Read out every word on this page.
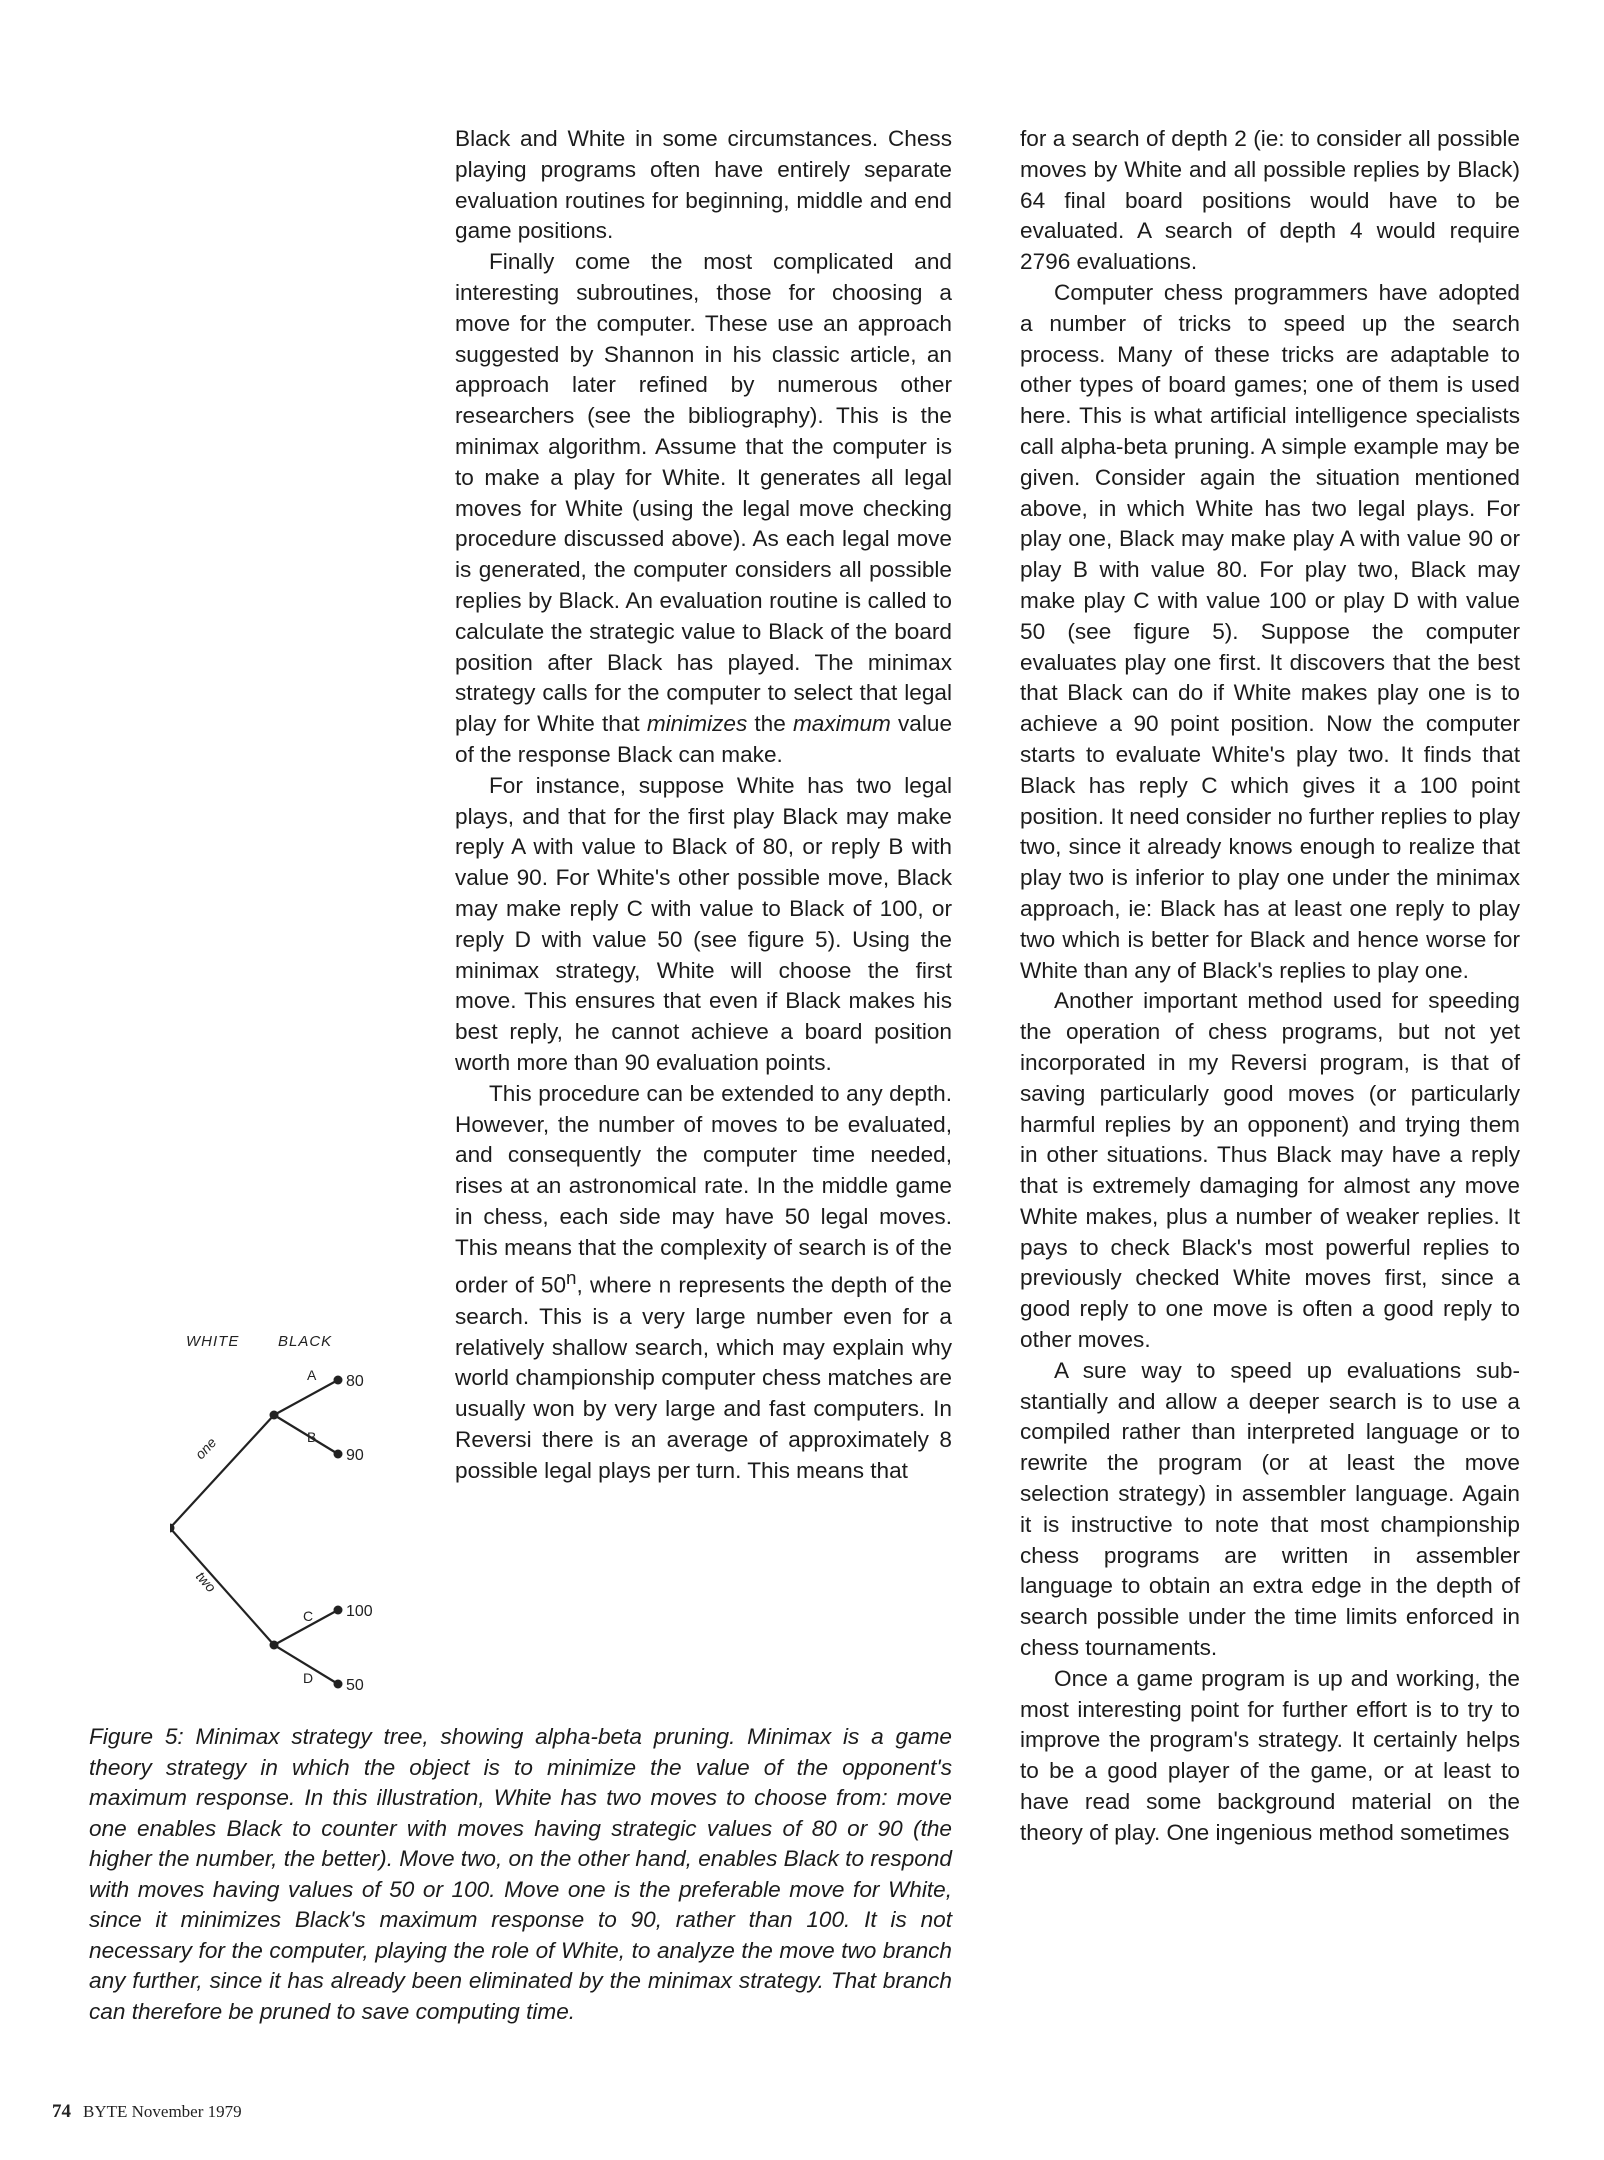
Black and White in some circumstances. Chess playing programs often have entirely separate evaluation routines for beginning, middle and end game positions.

Finally come the most complicated and interesting subroutines, those for choosing a move for the computer. These use an approach suggested by Shannon in his classic article, an approach later refined by numerous other researchers (see the bibliography). This is the minimax algorithm. Assume that the computer is to make a play for White. It generates all legal moves for White (using the legal move checking procedure discussed above). As each legal move is generated, the computer considers all possible replies by Black. An evaluation routine is called to calculate the strategic value to Black of the board position after Black has played. The minimax strategy calls for the computer to select that legal play for White that minimizes the maximum value of the response Black can make.

For instance, suppose White has two legal plays, and that for the first play Black may make reply A with value to Black of 80, or reply B with value 90. For White's other possible move, Black may make reply C with value to Black of 100, or reply D with value 50 (see figure 5). Using the minimax strategy, White will choose the first move. This ensures that even if Black makes his best reply, he cannot achieve a board position worth more than 90 evaluation points.

This procedure can be extended to any depth. However, the number of moves to be evaluated, and consequently the computer time needed, rises at an astronomical rate. In the middle game in chess, each side may have 50 legal moves. This means that the complexity of search is of the order of 50$^n$, where n represents the depth of the search. This is a very large number even for a relatively shallow search, which may explain why world championship computer chess matches are usually won by very large and fast computers. In Reversi there is an average of approximately 8 possible legal plays per turn. This means that

for a search of depth 2 (ie: to consider all possible moves by White and all possible replies by Black) 64 final board positions would have to be evaluated. A search of depth 4 would require 2796 evaluations.

Computer chess programmers have adopted a number of tricks to speed up the search process. Many of these tricks are adaptable to other types of board games; one of them is used here. This is what artificial intelligence specialists call alpha-beta pruning. A simple example may be given. Consider again the situation mentioned above, in which White has two legal plays. For play one, Black may make play A with value 90 or play B with value 80. For play two, Black may make play C with value 100 or play D with value 50 (see figure 5). Suppose the computer evaluates play one first. It discovers that the best that Black can do if White makes play one is to achieve a 90 point position. Now the computer starts to evaluate White's play two. It finds that Black has reply C which gives it a 100 point position. It need consider no further replies to play two, since it already knows enough to realize that play two is inferior to play one under the minimax approach, ie: Black has at least one reply to play two which is better for Black and hence worse for White than any of Black's replies to play one.

Another important method used for speeding the operation of chess programs, but not yet incorporated in my Reversi program, is that of saving particularly good moves (or particularly harmful replies by an opponent) and trying them in other situations. Thus Black may have a reply that is extremely damaging for almost any move White makes, plus a number of weaker replies. It pays to check Black's most powerful replies to previously checked White moves first, since a good reply to one move is often a good reply to other moves.

A sure way to speed up evaluations substantially and allow a deeper search is to use a compiled rather than interpreted language or to rewrite the program (or at least the move selection strategy) in assembler language. Again it is instructive to note that most championship chess programs are written in assembler language to obtain an extra edge in the depth of search possible under the time limits enforced in chess tournaments.

Once a game program is up and working, the most interesting point for further effort is to try to improve the program's strategy. It certainly helps to be a good player of the game, or at least to have read some background material on the theory of play. One ingenious method sometimes

WHITE	BLACK
one
two
A
B
C
D
80
90
100
50

Figure 5: Minimax strategy tree, showing alpha-beta pruning. Minimax is a game theory strategy in which the object is to minimize the value of the opponent's maximum response. In this illustration, White has two moves to choose from: move one enables Black to counter with moves having strategic values of 80 or 90 (the higher the number, the better). Move two, on the other hand, enables Black to respond with moves having values of 50 or 100. Move one is the preferable move for White, since it minimizes Black's maximum response to 90, rather than 100. It is not necessary for the computer, playing the role of White, to analyze the move two branch any further, since it has already been eliminated by the minimax strategy. That branch can therefore be pruned to save computing time.

74 BYTE November 1979
